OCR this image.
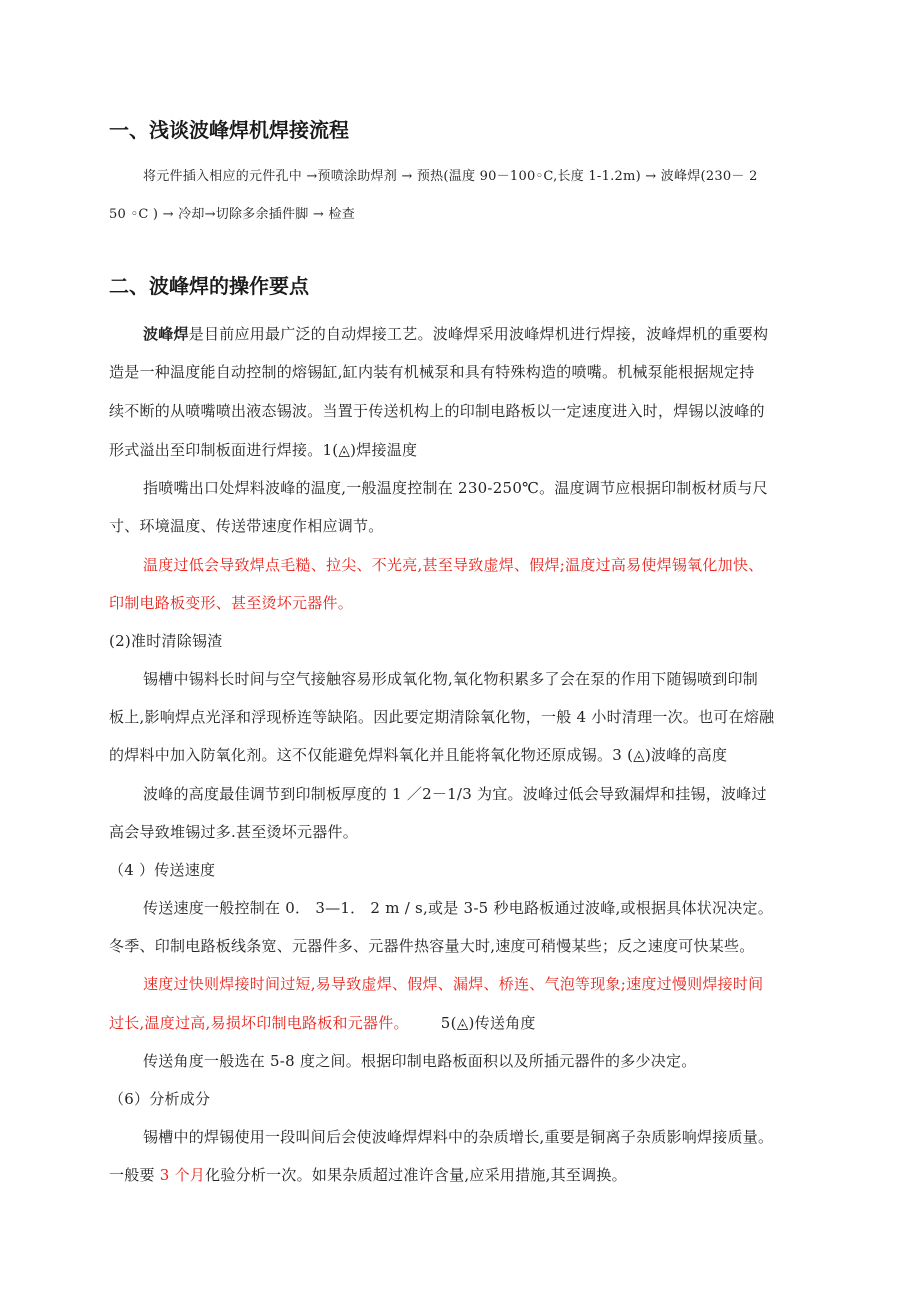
一、浅谈波峰焊机焊接流程

将元件插入相应的元件孔中 →预喷涂助焊剂 → 预热(温度 90－100◦C,长度 1-1.2m) → 波峰焊(230－ 2

50 ◦C ) → 冷却→切除多余插件脚 → 检查

二、波峰焊的操作要点

波峰焊是目前应用最广泛的自动焊接工艺。波峰焊采用波峰焊机进行焊接，波峰焊机的重要构

造是一种温度能自动控制的熔锡缸,缸内装有机械泵和具有特殊构造的喷嘴。机械泵能根据规定持

续不断的从喷嘴喷出液态锡波。当置于传送机构上的印制电路板以一定速度进入时，焊锡以波峰的

形式溢出至印制板面进行焊接。1(◬)焊接温度

指喷嘴出口处焊料波峰的温度,一般温度控制在 230-250℃。温度调节应根据印制板材质与尺

寸、环境温度、传送带速度作相应调节。

温度过低会导致焊点毛糙、拉尖、不光亮,甚至导致虚焊、假焊;温度过高易使焊锡氧化加快、

印制电路板变形、甚至烫坏元器件。

(2)准时清除锡渣

锡槽中锡料长时间与空气接触容易形成氧化物,氧化物积累多了会在泵的作用下随锡喷到印制

板上,影响焊点光泽和浮现桥连等缺陷。因此要定期清除氧化物，一般 4 小时清理一次。也可在熔融

的焊料中加入防氧化剂。这不仅能避免焊料氧化并且能将氧化物还原成锡。3 (◬)波峰的高度

波峰的高度最佳调节到印制板厚度的 1 ／2－1/3 为宜。波峰过低会导致漏焊和挂锡，波峰过

高会导致堆锡过多.甚至烫坏元器件。

（4 ）传送速度

传送速度一般控制在 0． 3—1． 2 m / s,或是 3-5 秒电路板通过波峰,或根据具体状况决定。

冬季、印制电路板线条宽、元器件多、元器件热容量大时,速度可稍慢某些；反之速度可快某些。

速度过快则焊接时间过短,易导致虚焊、假焊、漏焊、桥连、气泡等现象;速度过慢则焊接时间

过长,温度过高,易损坏印制电路板和元器件。 5(◬)传送角度

传送角度一般选在 5-8 度之间。根据印制电路板面积以及所插元器件的多少决定。

（6）分析成分

锡槽中的焊锡使用一段叫间后会使波峰焊焊料中的杂质增长,重要是铜离子杂质影响焊接质量。

一般要 3 个月化验分析一次。如果杂质超过准许含量,应采用措施,其至调换。
